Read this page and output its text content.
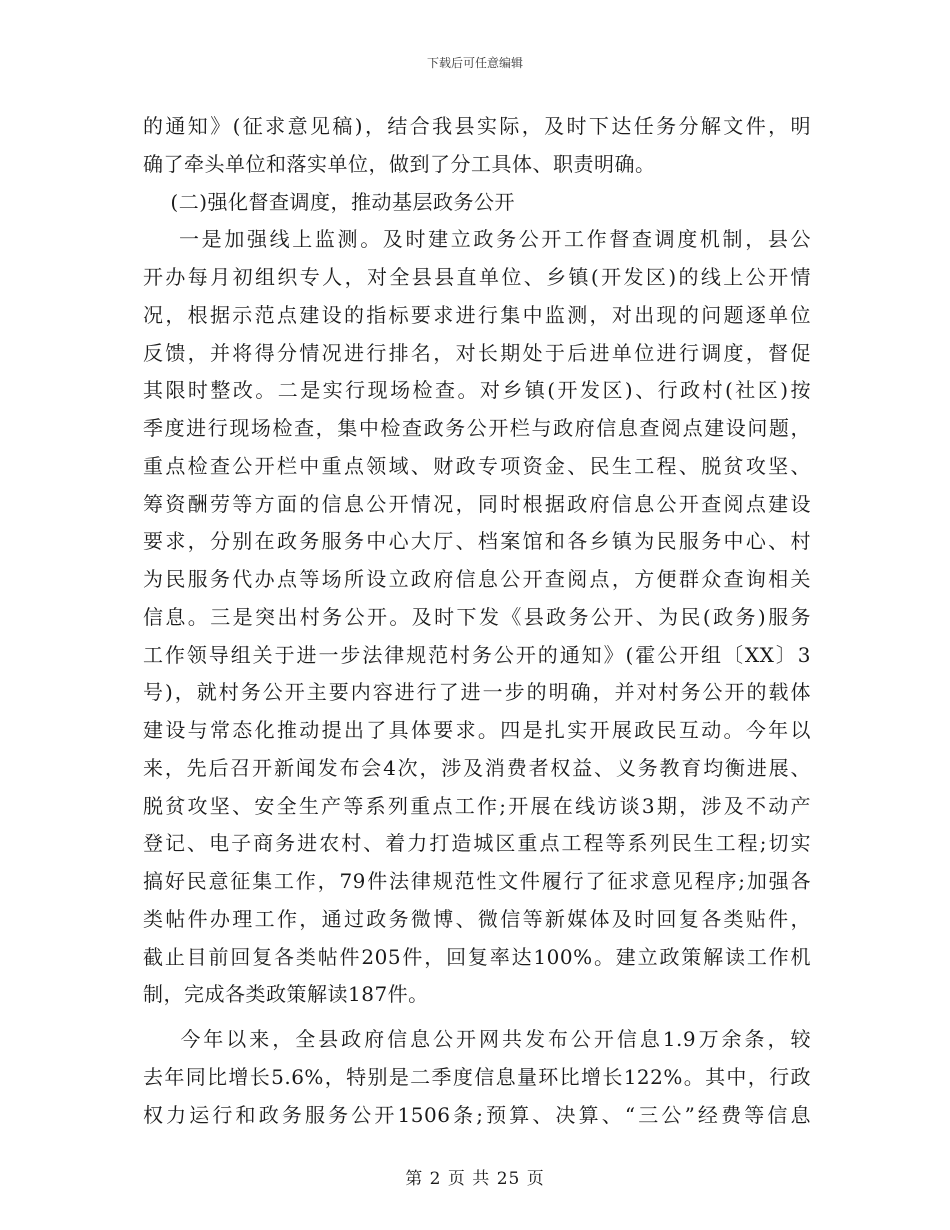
下载后可任意编辑
的通知》(征求意见稿)，结合我县实际，及时下达任务分解文件，明
确了牵头单位和落实单位，做到了分工具体、职责明确。
(二)强化督查调度，推动基层政务公开
一是加强线上监测。及时建立政务公开工作督查调度机制，县公
开办每月初组织专人，对全县县直单位、乡镇(开发区)的线上公开情
况，根据示范点建设的指标要求进行集中监测，对出现的问题逐单位
反馈，并将得分情况进行排名，对长期处于后进单位进行调度，督促
其限时整改。二是实行现场检查。对乡镇(开发区)、行政村(社区)按
季度进行现场检查，集中检查政务公开栏与政府信息查阅点建设问题，
重点检查公开栏中重点领域、财政专项资金、民生工程、脱贫攻坚、
筹资酬劳等方面的信息公开情况，同时根据政府信息公开查阅点建设
要求，分别在政务服务中心大厅、档案馆和各乡镇为民服务中心、村
为民服务代办点等场所设立政府信息公开查阅点，方便群众查询相关
信息。三是突出村务公开。及时下发《县政务公开、为民(政务)服务
工作领导组关于进一步法律规范村务公开的通知》(霍公开组〔XX〕3
号)，就村务公开主要内容进行了进一步的明确，并对村务公开的载体
建设与常态化推动提出了具体要求。四是扎实开展政民互动。今年以
来，先后召开新闻发布会4次，涉及消费者权益、义务教育均衡进展、
脱贫攻坚、安全生产等系列重点工作;开展在线访谈3期，涉及不动产
登记、电子商务进农村、着力打造城区重点工程等系列民生工程;切实
搞好民意征集工作，79件法律规范性文件履行了征求意见程序;加强各
类帖件办理工作，通过政务微博、微信等新媒体及时回复各类贴件，
截止目前回复各类帖件205件，回复率达100%。建立政策解读工作机
制，完成各类政策解读187件。
今年以来，全县政府信息公开网共发布公开信息1.9万余条，较
去年同比增长5.6%，特别是二季度信息量环比增长122%。其中，行政
权力运行和政务服务公开1506条;预算、决算、“三公”经费等信息
第 2 页 共 25 页
